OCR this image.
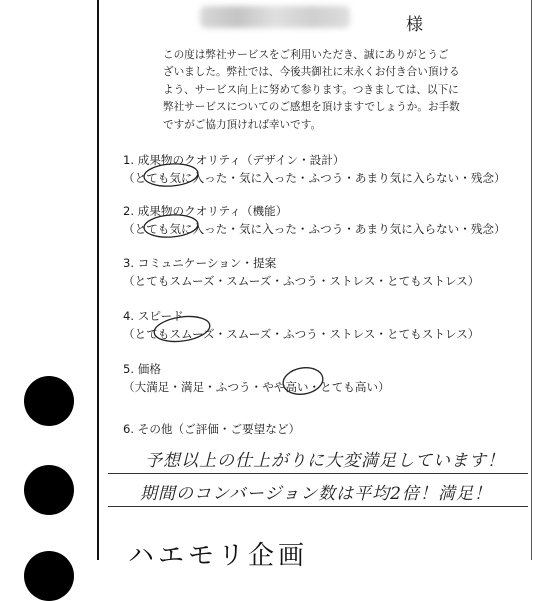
様
この度は弊社サービスをご利用いただき、誠にありがとうご
ざいました。弊社では、今後共御社に末永くお付き合い頂ける
よう、サービス向上に努めて参ります。つきましては、以下に
弊社サービスについてのご感想を頂けますでしょうか。お手数
ですがご協力頂ければ幸いです。
1. 成果物のクオリティ（デザイン・設計）
（とても気に入った・気に入った・ふつう・あまり気に入らない・残念）
2. 成果物のクオリティ（機能）
（とても気に入った・気に入った・ふつう・あまり気に入らない・残念）
3. コミュニケーション・提案
（とてもスムーズ・スムーズ・ふつう・ストレス・とてもストレス）
4. スピード
（とてもスムーズ・スムーズ・ふつう・ストレス・とてもストレス）
5. 価格
（大満足・満足・ふつう・やや高い・とても高い）
6. その他（ご評価・ご要望など）
予想以上の仕上がりに大変満足しています！
期間のコンバージョン数は平均2倍！満足！
ハエモリ企画
